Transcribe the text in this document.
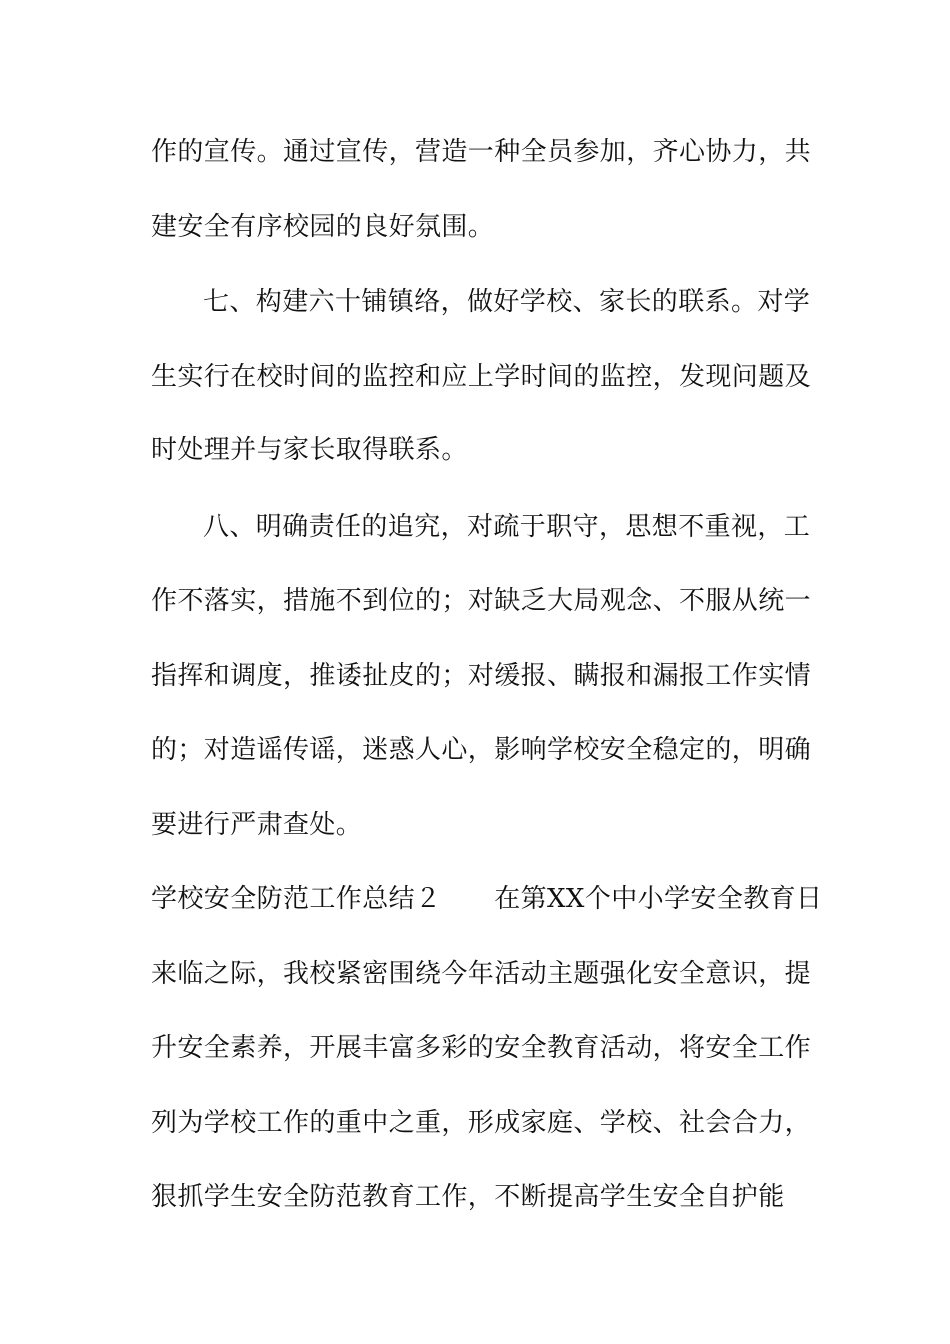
作的宣传。通过宣传，营造一种全员参加，齐心协力，共
建安全有序校园的良好氛围。
七、构建六十铺镇络，做好学校、家长的联系。对学
生实行在校时间的监控和应上学时间的监控，发现问题及
时处理并与家长取得联系。
八、明确责任的追究，对疏于职守，思想不重视，工
作不落实，措施不到位的；对缺乏大局观念、不服从统一
指挥和调度，推诿扯皮的；对缓报、瞒报和漏报工作实情
的；对造谣传谣，迷惑人心，影响学校安全稳定的，明确
要进行严肃查处。
学校安全防范工作总结２　　在第XX个中小学安全教育日
来临之际，我校紧密围绕今年活动主题强化安全意识，提
升安全素养，开展丰富多彩的安全教育活动，将安全工作
列为学校工作的重中之重，形成家庭、学校、社会合力，
狠抓学生安全防范教育工作，不断提高学生安全自护能
